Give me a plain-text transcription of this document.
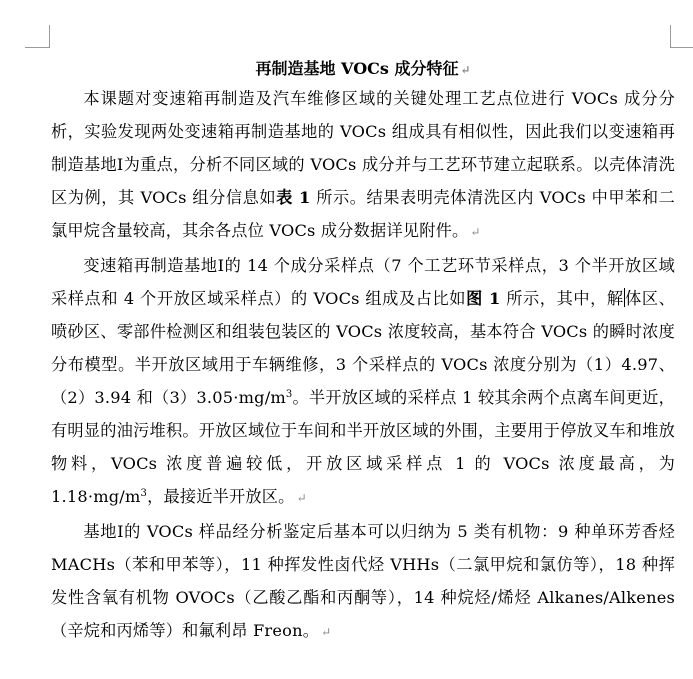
再制造基地 VOCs 成分特征 ↵

本课题对变速箱再制造及汽车维修区域的关键处理工艺点位进行 VOCs 成分分析，实验发现两处变速箱再制造基地的 VOCs 组成具有相似性，因此我们以变速箱再制造基地I为重点，分析不同区域的 VOCs 成分并与工艺环节建立起联系。以壳体清洗区为例，其 VOCs 组分信息如表 1 所示。结果表明壳体清洗区内 VOCs 中甲苯和二氯甲烷含量较高，其余各点位 VOCs 成分数据详见附件。 ↵

变速箱再制造基地I的 14 个成分采样点（7 个工艺环节采样点，3 个半开放区域采样点和 4 个开放区域采样点）的 VOCs 组成及占比如图 1 所示，其中，解体区、喷砂区、零部件检测区和组装包装区的 VOCs 浓度较高，基本符合 VOCs 的瞬时浓度分布模型。半开放区域用于车辆维修，3 个采样点的 VOCs 浓度分别为（1）4.97、（2）3.94 和$(3)3.05\cdot mg/m^3$。半开放区域的采样点 1 较其余两个点离车间更近，有明显的油污堆积。开放区域位于车间和半开放区域的外围，主要用于停放叉车和堆放物料，VOCs 浓度普遍较低，开放区域采样点 1 的 VOCs 浓度最高，为 $1.18\cdot mg/m^3$，最接近半开放区。 ↵

基地I的 VOCs 样品经分析鉴定后基本可以归纳为 5 类有机物：9 种单环芳香烃 MACHs（苯和甲苯等），11 种挥发性卤代烃 VHHs（二氯甲烷和氯仿等），18 种挥发性含氧有机物 OVOCs（乙酸乙酯和丙酮等），14 种烷烃/烯烃 Alkanes/Alkenes（辛烷和丙烯等）和氟利昂 Freon。 ↵
